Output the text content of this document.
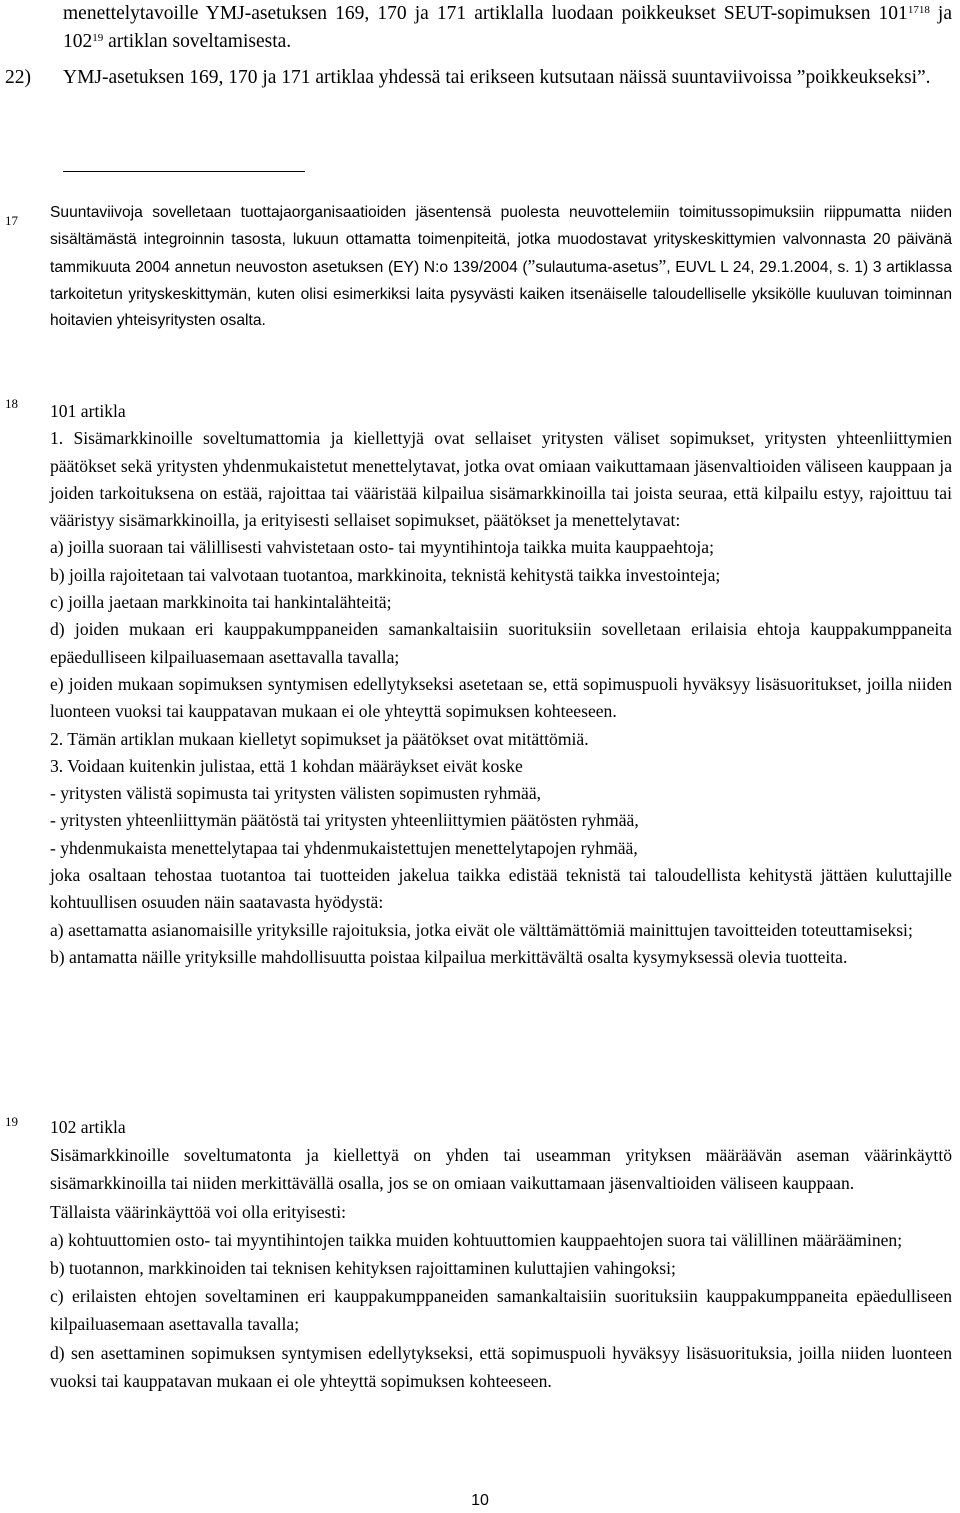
menettelytavoille YMJ-asetuksen 169, 170 ja 171 artiklalla luodaan poikkeukset SEUT-sopimuksen $101^{1718}$ ja $102^{19}$ artiklan soveltamisesta.

22) YMJ-asetuksen 169, 170 ja 171 artiklaa yhdessä tai erikseen kutsutaan näissä suuntaviivoissa ”poikkeukseksi”.

17 Suuntaviivoja sovelletaan tuottajaorganisaatioiden jäsentensä puolesta neuvottelemiin toimitussopimuksiin riippumatta niiden sisältämästä integroinnin tasosta, lukuun ottamatta toimenpiteitä, jotka muodostavat yrityskeskittymien valvonnasta 20 päivänä tammikuuta 2004 annetun neuvoston asetuksen (EY) N:o 139/2004 (”sulautuma-asetus”, EUVL L 24, 29.1.2004, s. 1) 3 artiklassa tarkoitetun yrityskeskittymän, kuten olisi esimerkiksi laita pysyvästi kaiken itsenäiselle taloudelliselle yksikölle kuuluvan toiminnan hoitavien yhteisyritysten osalta.

18 101 artikla

1. Sisämarkkinoille soveltumattomia ja kiellettyjä ovat sellaiset yritysten väliset sopimukset, yritysten yhteenliittymien päätökset sekä yritysten yhdenmukaistetut menettelytavat, jotka ovat omiaan vaikuttamaan jäsenvaltioiden väliseen kauppaan ja joiden tarkoituksena on estää, rajoittaa tai vääristää kilpailua sisämarkkinoilla tai joista seuraa, että kilpailu estyy, rajoittuu tai vääristyy sisämarkkinoilla, ja erityisesti sellaiset sopimukset, päätökset ja menettelytavat:

a) joilla suoraan tai välillisesti vahvistetaan osto- tai myyntihintoja taikka muita kauppaehtoja;

b) joilla rajoitetaan tai valvotaan tuotantoa, markkinoita, teknistä kehitystä taikka investointeja;

c) joilla jaetaan markkinoita tai hankintalähteitä;

d) joiden mukaan eri kauppakumppaneiden samankaltaisiin suorituksiin sovelletaan erilaisia ehtoja kauppakumppaneita epäedulliseen kilpailuasemaan asettavalla tavalla;

e) joiden mukaan sopimuksen syntymisen edellytykseksi asetetaan se, että sopimuspuoli hyväksyy lisäsuoritukset, joilla niiden luonteen vuoksi tai kauppatavan mukaan ei ole yhteyttä sopimuksen kohteeseen.

2. Tämän artiklan mukaan kielletyt sopimukset ja päätökset ovat mitättömiä.

3. Voidaan kuitenkin julistaa, että 1 kohdan määräykset eivät koske

- yritysten välistä sopimusta tai yritysten välisten sopimusten ryhmää,

- yritysten yhteenliittymän päätöstä tai yritysten yhteenliittymien päätösten ryhmää,

- yhdenmukaista menettelytapaa tai yhdenmukaistettujen menettelytapojen ryhmää,

joka osaltaan tehostaa tuotantoa tai tuotteiden jakelua taikka edistää teknistä tai taloudellista kehitystä jättäen kuluttajille kohtuullisen osuuden näin saatavasta hyödystä:

a) asettamatta asianomaisille yrityksille rajoituksia, jotka eivät ole välttämättömiä mainittujen tavoitteiden toteuttamiseksi;

b) antamatta näille yrityksille mahdollisuutta poistaa kilpailua merkittävältä osalta kysymyksessä olevia tuotteita.

19 102 artikla

Sisämarkkinoille soveltumatonta ja kiellettyä on yhden tai useamman yrityksen määräävän aseman väärinkäyttö sisämarkkinoilla tai niiden merkittävällä osalla, jos se on omiaan vaikuttamaan jäsenvaltioiden väliseen kauppaan.

Tällaista väärinkäyttöä voi olla erityisesti:

a) kohtuuttomien osto- tai myyntihintojen taikka muiden kohtuuttomien kauppaehtojen suora tai välillinen määrääminen;

b) tuotannon, markkinoiden tai teknisen kehityksen rajoittaminen kuluttajien vahingoksi;

c) erilaisten ehtojen soveltaminen eri kauppakumppaneiden samankaltaisiin suorituksiin kauppakumppaneita epäedulliseen kilpailuasemaan asettavalla tavalla;

d) sen asettaminen sopimuksen syntymisen edellytykseksi, että sopimuspuoli hyväksyy lisäsuorituksia, joilla niiden luonteen vuoksi tai kauppatavan mukaan ei ole yhteyttä sopimuksen kohteeseen.

10
